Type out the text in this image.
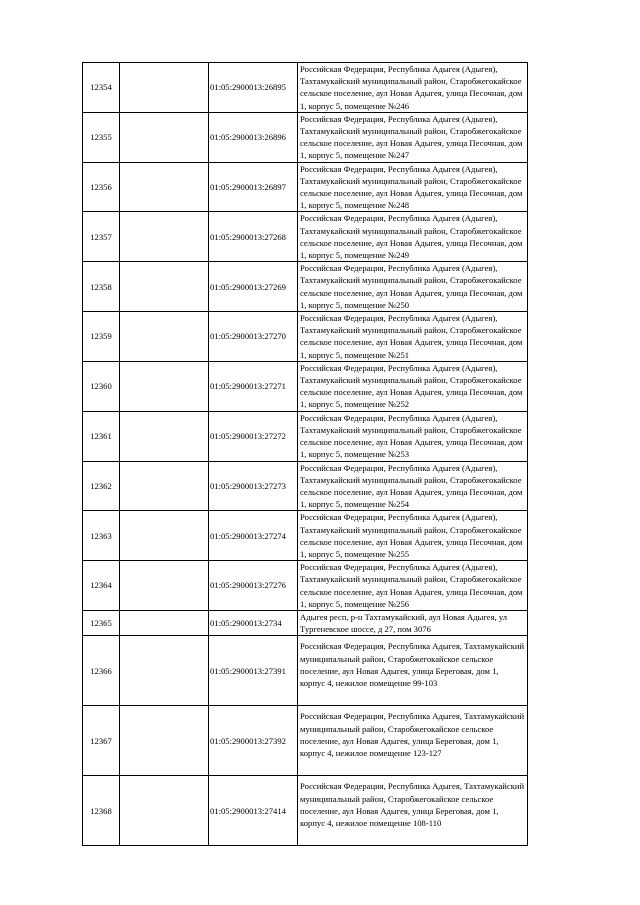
12354		01:05:2900013:26895	Российская Федерация, Республика Адыгея (Адыгея), Тахтамукайский муниципальный район, Старобжегокайское сельское поселение, аул Новая Адыгея, улица Песочная, дом 1, корпус 5, помещение №246
12355		01:05:2900013:26896	Российская Федерация, Республика Адыгея (Адыгея), Тахтамукайский муниципальный район, Старобжегокайское сельское поселение, аул Новая Адыгея, улица Песочная, дом 1, корпус 5, помещение №247
12356		01:05:2900013:26897	Российская Федерация, Республика Адыгея (Адыгея), Тахтамукайский муниципальный район, Старобжегокайское сельское поселение, аул Новая Адыгея, улица Песочная, дом 1, корпус 5, помещение №248
12357		01:05:2900013:27268	Российская Федерация, Республика Адыгея (Адыгея), Тахтамукайский муниципальный район, Старобжегокайское сельское поселение, аул Новая Адыгея, улица Песочная, дом 1, корпус 5, помещение №249
12358		01:05:2900013:27269	Российская Федерация, Республика Адыгея (Адыгея), Тахтамукайский муниципальный район, Старобжегокайское сельское поселение, аул Новая Адыгея, улица Песочная, дом 1, корпус 5, помещение №250
12359		01:05:2900013:27270	Российская Федерация, Республика Адыгея (Адыгея), Тахтамукайский муниципальный район, Старобжегокайское сельское поселение, аул Новая Адыгея, улица Песочная, дом 1, корпус 5, помещение №251
12360		01:05:2900013:27271	Российская Федерация, Республика Адыгея (Адыгея), Тахтамукайский муниципальный район, Старобжегокайское сельское поселение, аул Новая Адыгея, улица Песочная, дом 1, корпус 5, помещение №252
12361		01:05:2900013:27272	Российская Федерация, Республика Адыгея (Адыгея), Тахтамукайский муниципальный район, Старобжегокайское сельское поселение, аул Новая Адыгея, улица Песочная, дом 1, корпус 5, помещение №253
12362		01:05:2900013:27273	Российская Федерация, Республика Адыгея (Адыгея), Тахтамукайский муниципальный район, Старобжегокайское сельское поселение, аул Новая Адыгея, улица Песочная, дом 1, корпус 5, помещение №254
12363		01:05:2900013:27274	Российская Федерация, Республика Адыгея (Адыгея), Тахтамукайский муниципальный район, Старобжегокайское сельское поселение, аул Новая Адыгея, улица Песочная, дом 1, корпус 5, помещение №255
12364		01:05:2900013:27276	Российская Федерация, Республика Адыгея (Адыгея), Тахтамукайский муниципальный район, Старобжегокайское сельское поселение, аул Новая Адыгея, улица Песочная, дом 1, корпус 5, помещение №256
12365		01:05:2900013:2734	Адыгея респ, р-н Тахтамукайский, аул Новая Адыгея, ул Тургеневское шоссе, д 27, пом 3076
12366		01:05:2900013:27391	Российская Федерация, Республика Адыгея, Тахтамукайский муниципальный район, Старобжегокайское сельское поселение, аул Новая Адыгея, улица Береговая, дом 1, корпус 4, нежилое помещение 99-103
12367		01:05:2900013:27392	Российская Федерация, Республика Адыгея, Тахтамукайский муниципальный район, Старобжегокайское сельское поселение, аул Новая Адыгея, улица Береговая, дом 1, корпус 4, нежилое помещение 123-127
12368		01:05:2900013:27414	Российская Федерация, Республика Адыгея, Тахтамукайский муниципальный район, Старобжегокайское сельское поселение, аул Новая Адыгея, улица Береговая, дом 1, корпус 4, нежилое помещение 108-110
